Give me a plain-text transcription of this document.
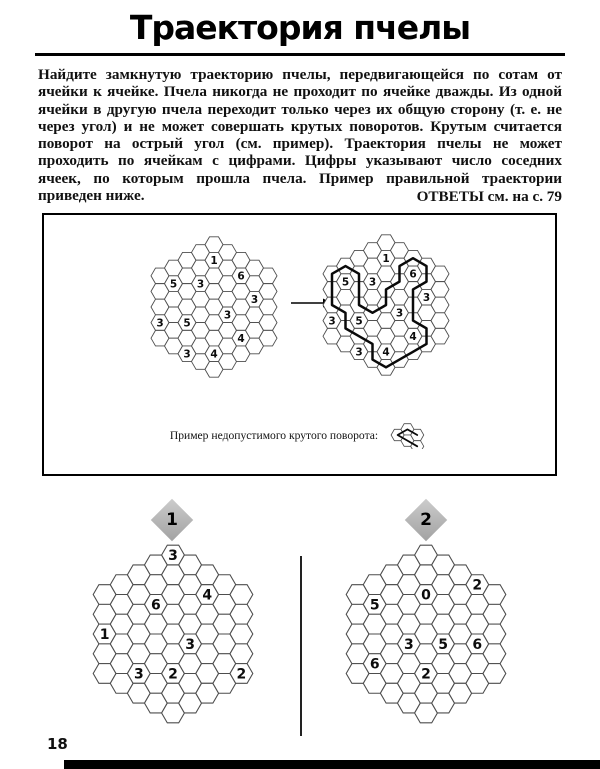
Траектория пчелы
Найдите замкнутую траекторию пчелы, передвигающейся по сотам от ячейки к ячейке. Пчела никогда не проходит по ячейке дважды. Из одной ячейки в другую пчела переходит только через их общую сторону (т. е. не через угол) и не может совершать крутых поворотов. Крутым считается поворот на острый угол (см. пример). Траектория пчелы не может проходить по ячейкам с цифрами. Цифры указывают число соседних ячеек, по которым прошла пчела. Пример правильной траектории приведен ниже.	ОТВЕТЫ см. на с. 79
1
6
3
5
3
3
5
3
4
3 4
1
6
3
5
3
3
5
3
4
3 4
Пример недопустимого крутого поворота:
1
3
4
6
1
3
3 2	2
2
2
0
5
3 5 6
6
2
18
